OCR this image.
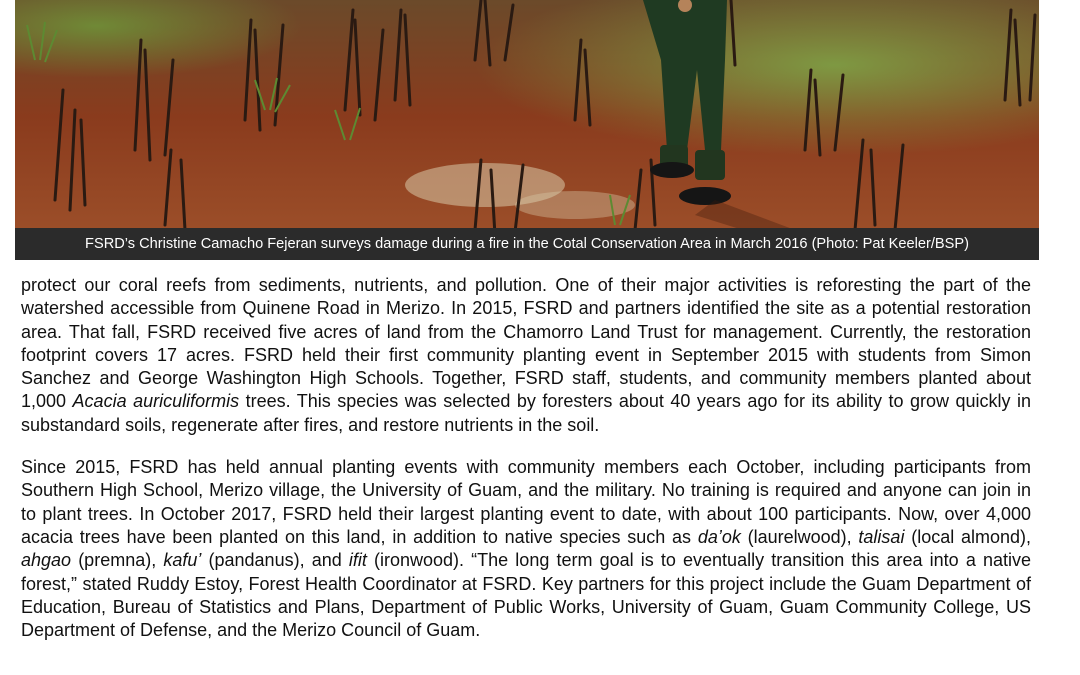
FSRD’s Christine Camacho Fejeran surveys damage during a fire in the Cotal Conservation Area in March 2016 (Photo: Pat Keeler/BSP)

protect our coral reefs from sediments, nutrients, and pollution. One of their major activities is reforesting the part of the watershed accessible from Quinene Road in Merizo. In 2015, FSRD and partners identified the site as a potential restoration area. That fall, FSRD received five acres of land from the Chamorro Land Trust for management. Currently, the restoration footprint covers 17 acres. FSRD held their first community planting event in September 2015 with students from Simon Sanchez and George Washington High Schools. Together, FSRD staff, students, and community members planted about 1,000 Acacia auriculiformis trees. This species was selected by foresters about 40 years ago for its ability to grow quickly in substandard soils, regenerate after fires, and restore nutrients in the soil.

Since 2015, FSRD has held annual planting events with community members each October, including participants from Southern High School, Merizo village, the University of Guam, and the military. No training is required and anyone can join in to plant trees. In October 2017, FSRD held their largest planting event to date, with about 100 participants. Now, over 4,000 acacia trees have been planted on this land, in addition to native species such as da’ok (laurelwood), talisai (local almond), ahgao (premna), kafu’ (pandanus), and ifit (ironwood). “The long term goal is to eventually transition this area into a native forest,” stated Ruddy Estoy, Forest Health Coordinator at FSRD. Key partners for this project include the Guam Department of Education, Bureau of Statistics and Plans, Department of Public Works, University of Guam, Guam Community College, US Department of Defense, and the Merizo Council of Guam.
